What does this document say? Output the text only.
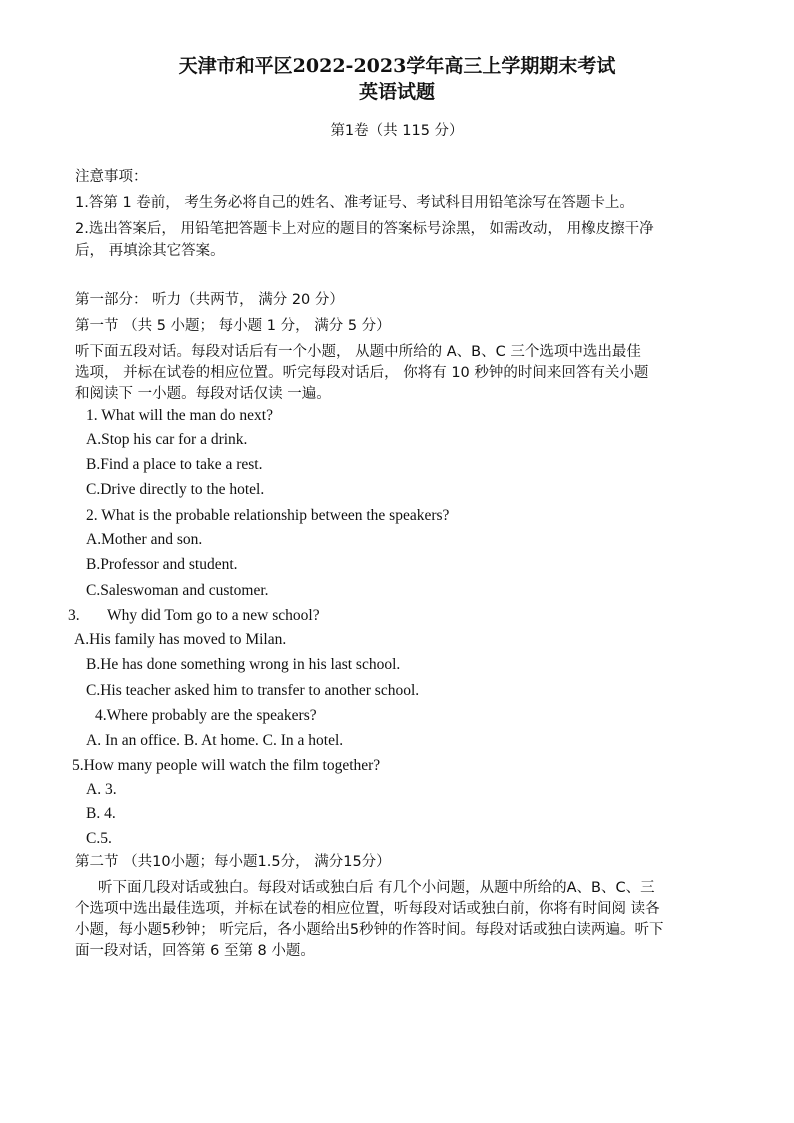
天津市和平区2022-2023学年高三上学期期末考试
英语试题
第1卷（共 115 分）
注意事项：
1.答第 1 卷前， 考生务必将自己的姓名、准考证号、考试科目用铅笔涂写在答题卡上。
2.选出答案后， 用铅笔把答题卡上对应的题目的答案标号涂黑， 如需改动， 用橡皮擦干净
后， 再填涂其它答案。
第一部分： 听力（共两节， 满分 20 分）
第一节 （共 5 小题； 每小题 1 分， 满分 5 分）
听下面五段对话。每段对话后有一个小题， 从题中所给的 A、B、C 三个选项中选出最佳
选项， 并标在试卷的相应位置。听完每段对话后， 你将有 10 秒钟的时间来回答有关小题
和阅读下 一小题。每段对话仅读 一遍。
1. What will the man do next?
A.Stop his car for a drink.
B.Find a place to take a rest.
C.Drive directly to the hotel.
2. What is the probable relationship between the speakers?
A.Mother and son.
B.Professor and student.
C.Saleswoman and customer.
3. Why did Tom go to a new school?
A.His family has moved to Milan.
B.He has done something wrong in his last school.
C.His teacher asked him to transfer to another school.
4.Where probably are the speakers?
A. In an office. B. At home. C. In a hotel.
5.How many people will watch the film together?
A. 3.
B. 4.
C.5.
第二节 （共10小题；每小题1.5分， 满分15分）
听下面几段对话或独白。每段对话或独白后 有几个小问题，从题中所给的A、B、C、三
个选项中选出最佳选项，并标在试卷的相应位置，听每段对话或独白前，你将有时间阅 读各
小题，每小题5秒钟； 听完后，各小题给出5秒钟的作答时间。每段对话或独白读两遍。听下
面一段对话，回答第 6 至第 8 小题。
